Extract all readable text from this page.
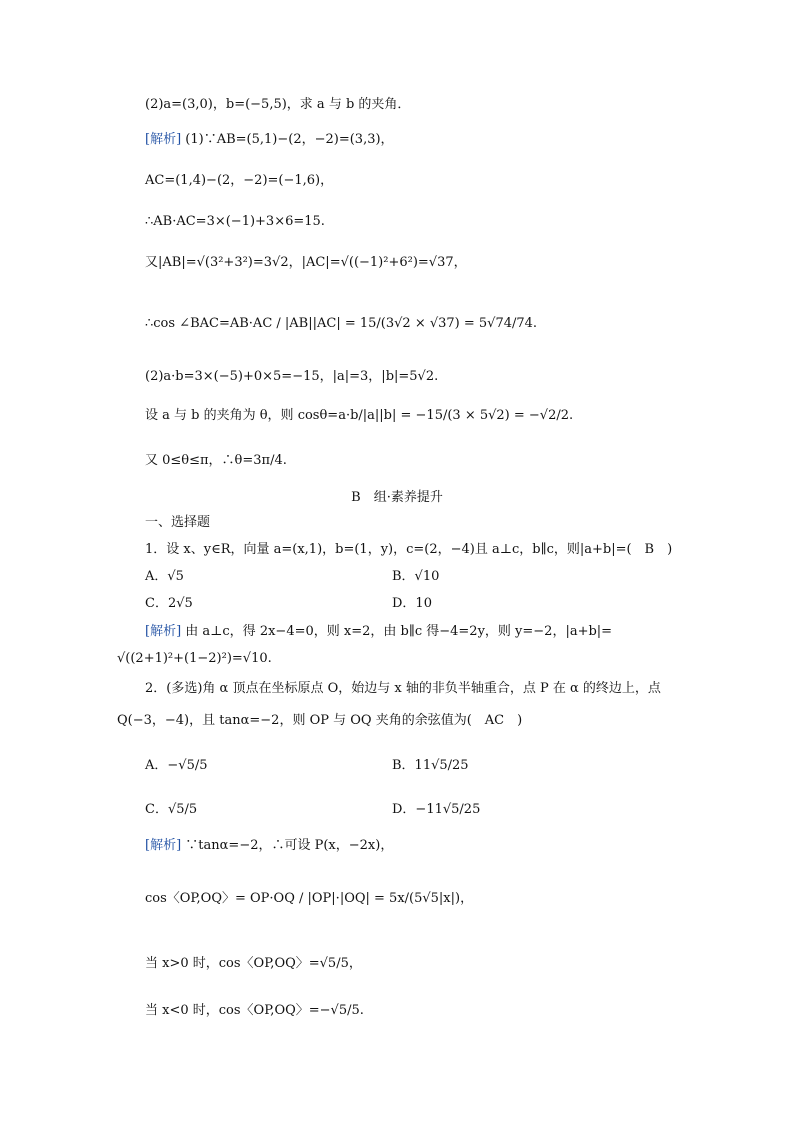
(2)a=(3,0)，b=(−5,5)，求 a 与 b 的夹角．
[解析] (1)∵AB=(5,1)−(2，−2)=(3,3)，
AC=(1,4)−(2，−2)=(−1,6)，
∴AB·AC=3×(−1)+3×6=15.
又|AB|=√(3²+3²)=3√2，|AC|=√((−1)²+6²)=√37，
∴cos ∠BAC=AB·AC / |AB||AC| = 15/(3√2 × √37) = 5√74/74.
(2)a·b=3×(−5)+0×5=−15，|a|=3，|b|=5√2.
设 a 与 b 的夹角为 θ，则 cosθ=a·b/|a||b| = −15/(3 × 5√2) = −√2/2.
又 0≤θ≤π，∴θ=3π/4.
B　组·素养提升
一、选择题
1．设 x、y∈R，向量 a=(x,1)，b=(1，y)，c=(2，−4)且 a⊥c，b∥c，则|a+b|=(　B　)
A．√5	B．√10
C．2√5	D．10
[解析] 由 a⊥c，得 2x−4=0，则 x=2，由 b∥c 得−4=2y，则 y=−2，|a+b|=
√((2+1)²+(1−2)²)=√10.
2．(多选)角 α 顶点在坐标原点 O，始边与 x 轴的非负半轴重合，点 P 在 α 的终边上，点
Q(−3，−4)，且 tanα=−2，则 OP 与 OQ 夹角的余弦值为(　AC　)
A．−√5/5	B．11√5/25
C．√5/5	D．−11√5/25
[解析] ∵tanα=−2，∴可设 P(x，−2x)，
cos〈OP,OQ〉= OP·OQ / |OP|·|OQ| = 5x/(5√5|x|)，
当 x>0 时，cos〈OP,OQ〉=√5/5，
当 x<0 时，cos〈OP,OQ〉=−√5/5.
